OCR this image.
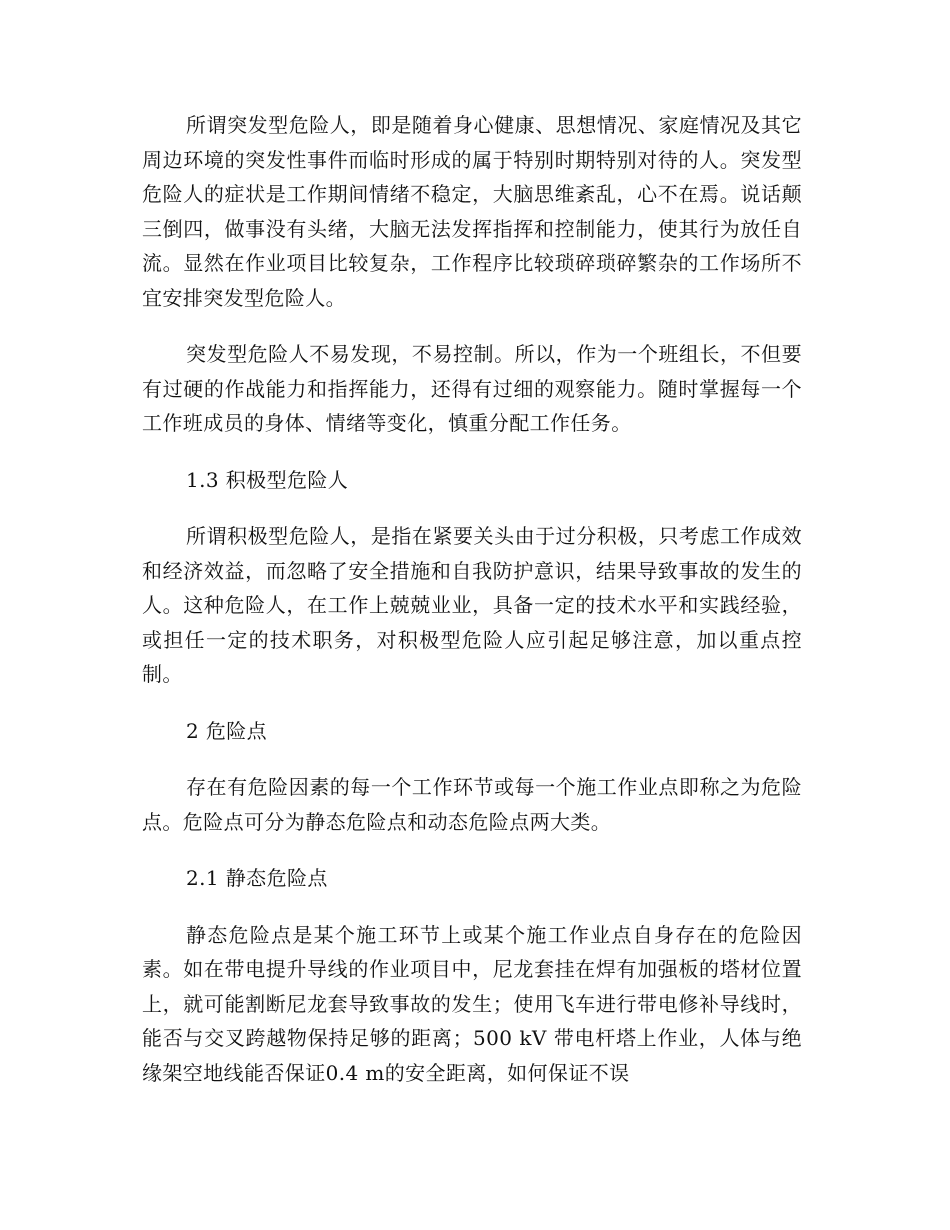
所谓突发型危险人，即是随着身心健康、思想情况、家庭情况及其它周边环境的突发性事件而临时形成的属于特别时期特别对待的人。突发型危险人的症状是工作期间情绪不稳定，大脑思维紊乱，心不在焉。说话颠三倒四，做事没有头绪，大脑无法发挥指挥和控制能力，使其行为放任自流。显然在作业项目比较复杂，工作程序比较琐碎琐碎繁杂的工作场所不宜安排突发型危险人。

突发型危险人不易发现，不易控制。所以，作为一个班组长，不但要有过硬的作战能力和指挥能力，还得有过细的观察能力。随时掌握每一个工作班成员的身体、情绪等变化，慎重分配工作任务。

1.3 积极型危险人

所谓积极型危险人，是指在紧要关头由于过分积极，只考虑工作成效和经济效益，而忽略了安全措施和自我防护意识，结果导致事故的发生的人。这种危险人，在工作上兢兢业业，具备一定的技术水平和实践经验，或担任一定的技术职务，对积极型危险人应引起足够注意，加以重点控制。

2 危险点

存在有危险因素的每一个工作环节或每一个施工作业点即称之为危险点。危险点可分为静态危险点和动态危险点两大类。

2.1 静态危险点

静态危险点是某个施工环节上或某个施工作业点自身存在的危险因素。如在带电提升导线的作业项目中，尼龙套挂在焊有加强板的塔材位置上，就可能割断尼龙套导致事故的发生；使用飞车进行带电修补导线时，能否与交叉跨越物保持足够的距离；500 kV 带电杆塔上作业，人体与绝缘架空地线能否保证0.4 m的安全距离，如何保证不误
